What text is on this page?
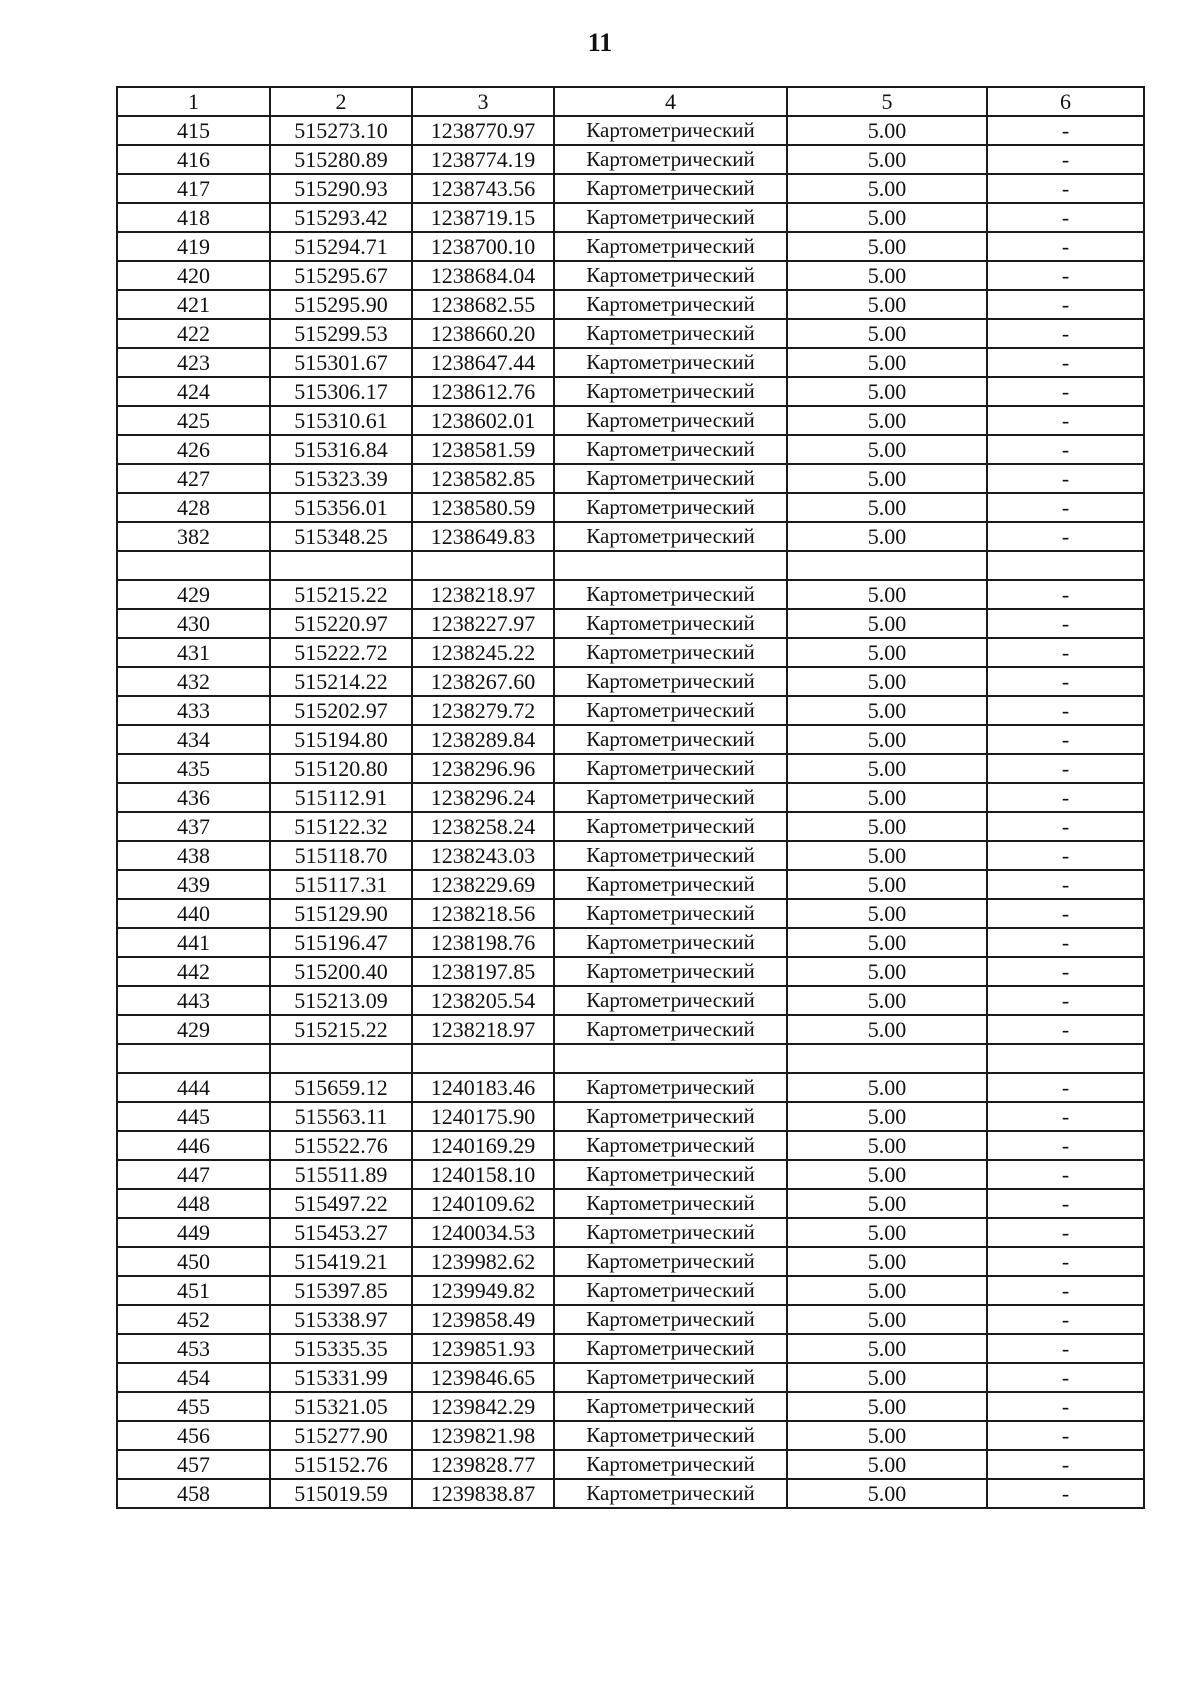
11
1	2	3	4	5	6
415	515273.10	1238770.97	Картометрический	5.00	-
416	515280.89	1238774.19	Картометрический	5.00	-
417	515290.93	1238743.56	Картометрический	5.00	-
418	515293.42	1238719.15	Картометрический	5.00	-
419	515294.71	1238700.10	Картометрический	5.00	-
420	515295.67	1238684.04	Картометрический	5.00	-
421	515295.90	1238682.55	Картометрический	5.00	-
422	515299.53	1238660.20	Картометрический	5.00	-
423	515301.67	1238647.44	Картометрический	5.00	-
424	515306.17	1238612.76	Картометрический	5.00	-
425	515310.61	1238602.01	Картометрический	5.00	-
426	515316.84	1238581.59	Картометрический	5.00	-
427	515323.39	1238582.85	Картометрический	5.00	-
428	515356.01	1238580.59	Картометрический	5.00	-
382	515348.25	1238649.83	Картометрический	5.00	-

429	515215.22	1238218.97	Картометрический	5.00	-
430	515220.97	1238227.97	Картометрический	5.00	-
431	515222.72	1238245.22	Картометрический	5.00	-
432	515214.22	1238267.60	Картометрический	5.00	-
433	515202.97	1238279.72	Картометрический	5.00	-
434	515194.80	1238289.84	Картометрический	5.00	-
435	515120.80	1238296.96	Картометрический	5.00	-
436	515112.91	1238296.24	Картометрический	5.00	-
437	515122.32	1238258.24	Картометрический	5.00	-
438	515118.70	1238243.03	Картометрический	5.00	-
439	515117.31	1238229.69	Картометрический	5.00	-
440	515129.90	1238218.56	Картометрический	5.00	-
441	515196.47	1238198.76	Картометрический	5.00	-
442	515200.40	1238197.85	Картометрический	5.00	-
443	515213.09	1238205.54	Картометрический	5.00	-
429	515215.22	1238218.97	Картометрический	5.00	-

444	515659.12	1240183.46	Картометрический	5.00	-
445	515563.11	1240175.90	Картометрический	5.00	-
446	515522.76	1240169.29	Картометрический	5.00	-
447	515511.89	1240158.10	Картометрический	5.00	-
448	515497.22	1240109.62	Картометрический	5.00	-
449	515453.27	1240034.53	Картометрический	5.00	-
450	515419.21	1239982.62	Картометрический	5.00	-
451	515397.85	1239949.82	Картометрический	5.00	-
452	515338.97	1239858.49	Картометрический	5.00	-
453	515335.35	1239851.93	Картометрический	5.00	-
454	515331.99	1239846.65	Картометрический	5.00	-
455	515321.05	1239842.29	Картометрический	5.00	-
456	515277.90	1239821.98	Картометрический	5.00	-
457	515152.76	1239828.77	Картометрический	5.00	-
458	515019.59	1239838.87	Картометрический	5.00	-
